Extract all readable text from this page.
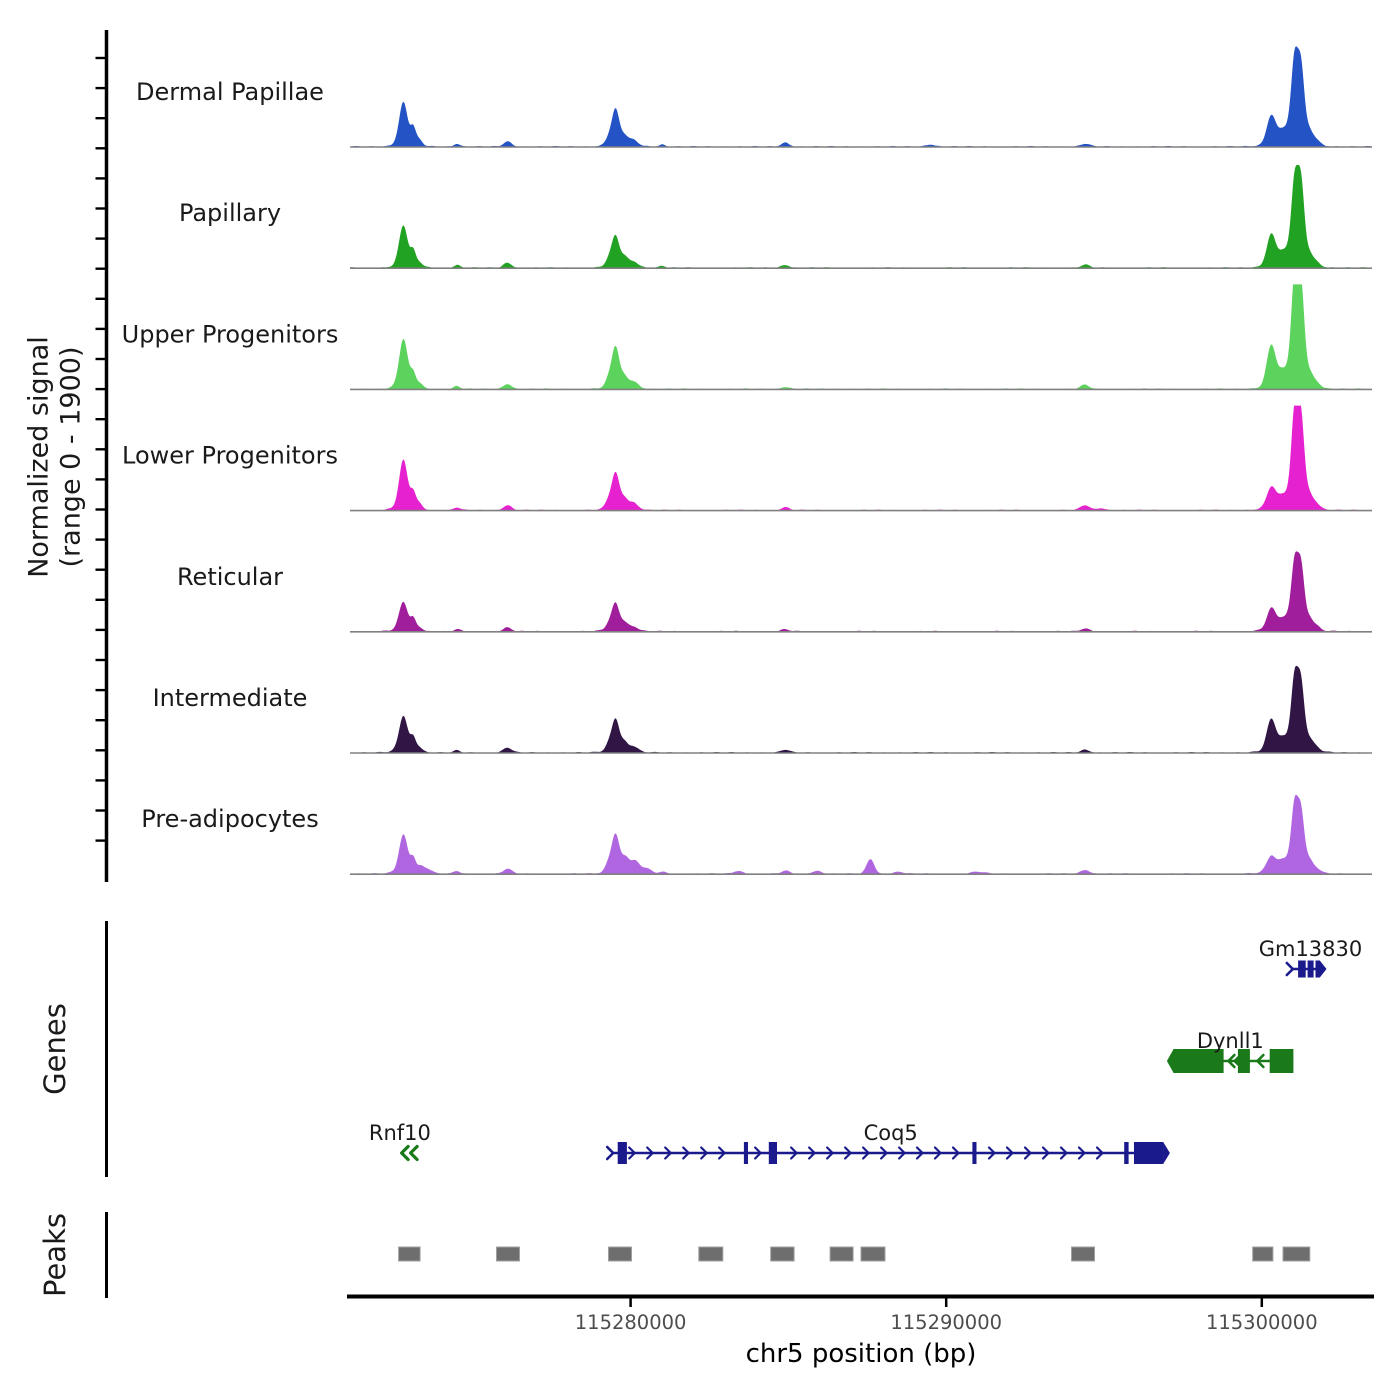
Dermal Papillae
Papillary
Upper Progenitors
Lower Progenitors
Reticular
Intermediate
Pre-adipocytes
Gm13830
Dynll1
Coq5
Rnf10
115280000	115290000	115300000
Normalized signal (range 0 - 1900)
Genes
Peaks
chr5 position (bp)
